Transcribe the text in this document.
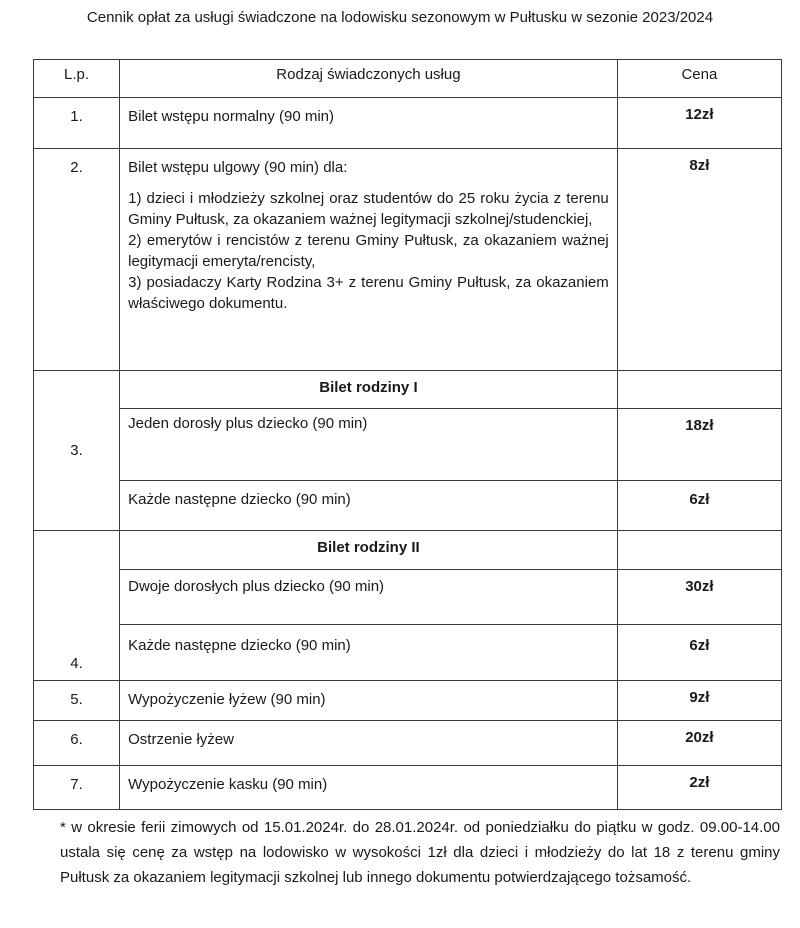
Cennik opłat za usługi świadczone na lodowisku sezonowym w Pułtusku w sezonie 2023/2024
L.p.	Rodzaj świadczonych usług	Cena
1.	Bilet wstępu normalny (90 min)	12zł
2.	Bilet wstępu ulgowy (90 min) dla:

1) dzieci i młodzieży szkolnej oraz studentów do 25 roku życia z terenu Gminy Pułtusk, za okazaniem ważnej legitymacji szkolnej/studenckiej,

2) emerytów i rencistów z terenu Gminy Pułtusk, za okazaniem ważnej legitymacji emeryta/rencisty,

3) posiadaczy Karty Rodzina 3+ z terenu Gminy Pułtusk, za okazaniem właściwego dokumentu.	8zł
3.	Bilet rodziny I	
	Jeden dorosły plus dziecko (90 min)	18zł
	Każde następne dziecko (90 min)	6zł
4.	Bilet rodziny II	
	Dwoje dorosłych plus dziecko (90 min)	30zł
	Każde następne dziecko (90 min)	6zł
5.	Wypożyczenie łyżew (90 min)	9zł
6.	Ostrzenie łyżew	20zł
7.	Wypożyczenie kasku (90 min)	2zł
* w okresie ferii zimowych od 15.01.2024r. do 28.01.2024r. od poniedziałku do piątku w godz. 09.00-14.00 ustala się cenę za wstęp na lodowisko w wysokości 1zł dla dzieci i młodzieży do lat 18 z terenu gminy Pułtusk za okazaniem legitymacji szkolnej lub innego dokumentu potwierdzającego tożsamość.
